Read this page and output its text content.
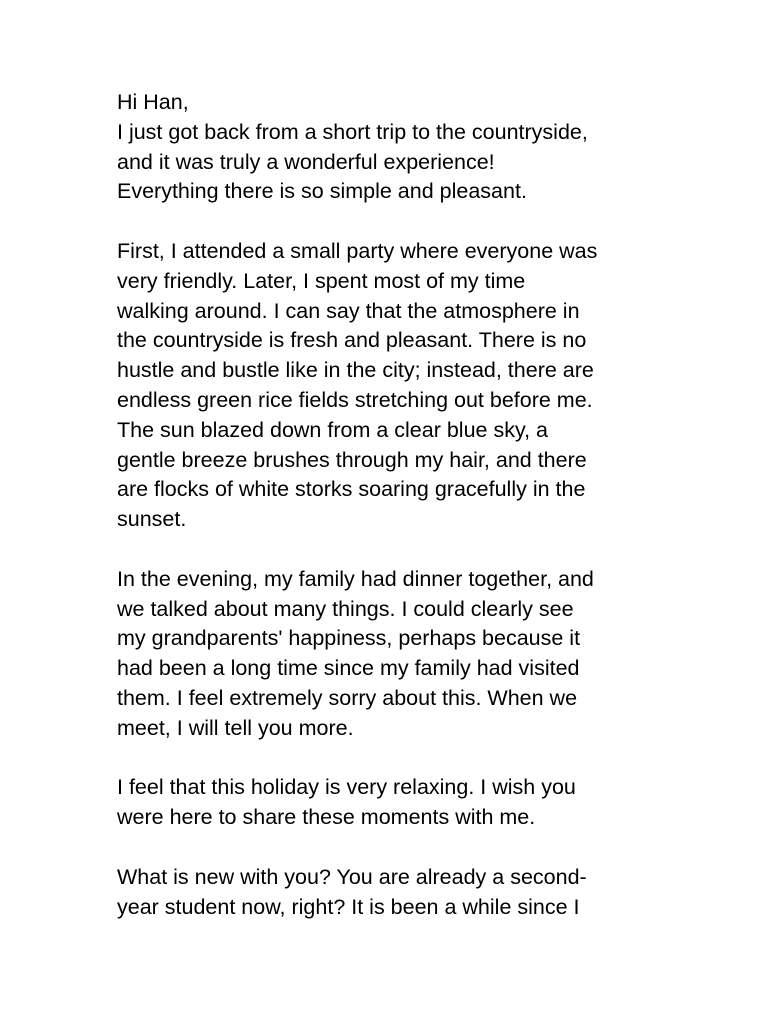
Hi Han,
I just got back from a short trip to the countryside,
and it was truly a wonderful experience!
Everything there is so simple and pleasant.
First, I attended a small party where everyone was
very friendly. Later, I spent most of my time
walking around. I can say that the atmosphere in
the countryside is fresh and pleasant. There is no
hustle and bustle like in the city; instead, there are
endless green rice fields stretching out before me.
The sun blazed down from a clear blue sky, a
gentle breeze brushes through my hair, and there
are flocks of white storks soaring gracefully in the
sunset.
In the evening, my family had dinner together, and
we talked about many things. I could clearly see
my grandparents' happiness, perhaps because it
had been a long time since my family had visited
them. I feel extremely sorry about this. When we
meet, I will tell you more.
I feel that this holiday is very relaxing. I wish you
were here to share these moments with me.
What is new with you? You are already a second-
year student now, right? It is been a while since I
